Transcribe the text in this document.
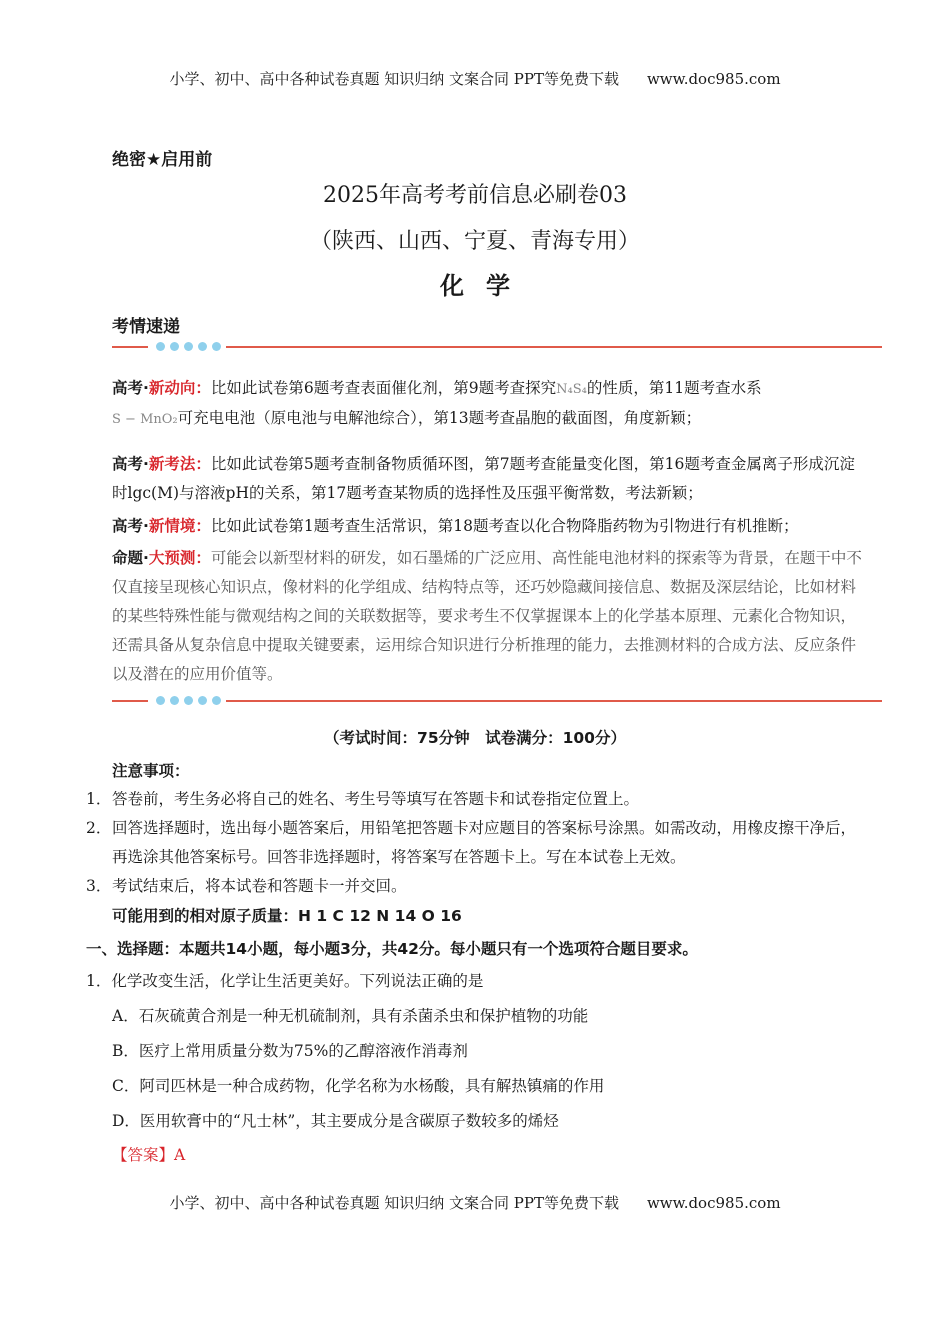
小学、初中、高中各种试卷真题 知识归纳 文案合同 PPT等免费下载 www.doc985.com
绝密★启用前
2025年高考考前信息必刷卷03
（陕西、山西、宁夏、青海专用）
化学
考情速递
高考·新动向：比如此试卷第6题考查表面催化剂，第9题考查探究N₄S₄的性质，第11题考查水系
S − MnO₂可充电电池（原电池与电解池综合），第13题考查晶胞的截面图，角度新颖；
高考·新考法：比如此试卷第5题考查制备物质循环图，第7题考查能量变化图，第16题考查金属离子形成沉淀时lgc(M)与溶液pH的关系，第17题考查某物质的选择性及压强平衡常数，考法新颖；
高考·新情境：比如此试卷第1题考查生活常识，第18题考查以化合物降脂药物为引物进行有机推断；
命题·大预测：可能会以新型材料的研发，如石墨烯的广泛应用、高性能电池材料的探索等为背景，在题干中不仅直接呈现核心知识点，像材料的化学组成、结构特点等，还巧妙隐藏间接信息、数据及深层结论，比如材料的某些特殊性能与微观结构之间的关联数据等，要求考生不仅掌握课本上的化学基本原理、元素化合物知识，还需具备从复杂信息中提取关键要素，运用综合知识进行分析推理的能力，去推测材料的合成方法、反应条件以及潜在的应用价值等。
（考试时间：75分钟　试卷满分：100分）
注意事项：
1．答卷前，考生务必将自己的姓名、考生号等填写在答题卡和试卷指定位置上。
2．回答选择题时，选出每小题答案后，用铅笔把答题卡对应题目的答案标号涂黑。如需改动，用橡皮擦干净后，再选涂其他答案标号。回答非选择题时，将答案写在答题卡上。写在本试卷上无效。
3．考试结束后，将本试卷和答题卡一并交回。
可能用到的相对原子质量：H 1 C 12 N 14 O 16
一、选择题：本题共14小题，每小题3分，共42分。每小题只有一个选项符合题目要求。
1．化学改变生活，化学让生活更美好。下列说法正确的是
A．石灰硫黄合剂是一种无机硫制剂，具有杀菌杀虫和保护植物的功能
B．医疗上常用质量分数为75%的乙醇溶液作消毒剂
C．阿司匹林是一种合成药物，化学名称为水杨酸，具有解热镇痛的作用
D．医用软膏中的“凡士林”，其主要成分是含碳原子数较多的烯烃
【答案】A
小学、初中、高中各种试卷真题 知识归纳 文案合同 PPT等免费下载 www.doc985.com
